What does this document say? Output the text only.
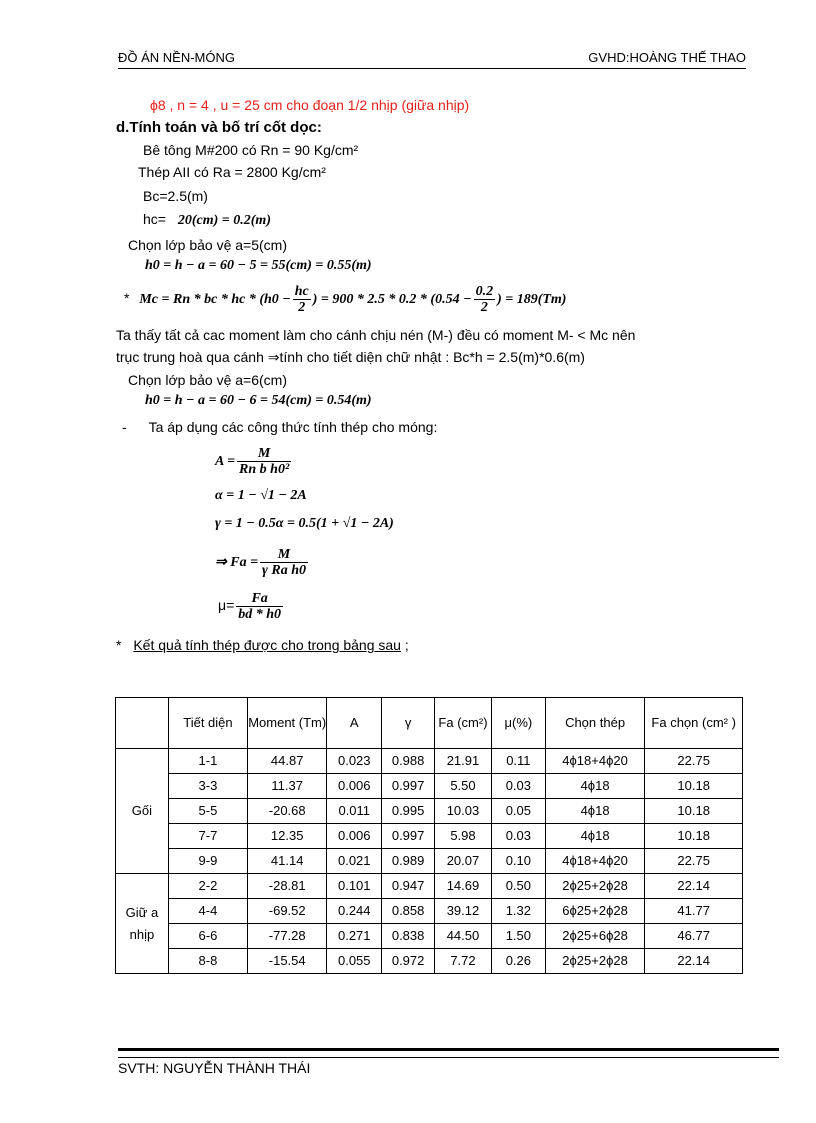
ĐỒ ÁN NỀN-MÓNG	GVHD:HOÀNG THẾ THAO
ϕ8 , n = 4 , u = 25 cm cho đoạn 1/2 nhịp (giữa nhịp)
d.Tính toán và bố trí cốt dọc:
Bê tông M#200 có Rn = 90 Kg/cm²
Thép AII có Ra = 2800 Kg/cm²
Bc=2.5(m)
hc= 20(cm) = 0.2(m)
Chọn lớp bảo vệ a=5(cm)
h0 = h − a = 60 − 5 = 55(cm) = 0.55(m)
* Mc = Rn * bc * hc * ($h0 - \frac{hc}{2}$ ) = $900 * 2.5 * 0.2 * (0.54 - \frac{0.2}{2}$ ) = 189(Tm)
Ta thấy tất cả cac moment làm cho cánh chịu nén (M-) đều có moment M- < Mc nên
trục trung hoà qua cánh ⇒tính cho tiết diện chữ nhật : Bc*h = 2.5(m)*0.6(m)
Chọn lớp bảo vệ a=6(cm)
h0 = h − a = 60 − 6 = 54(cm) = 0.54(m)
- Ta áp dụng các công thức tính thép cho móng:
$A = \frac{M}{\text{Rn b h0²}}$
α = 1 − √1 − 2A
γ = 1 − 0.5α = 0.5(1 + √1 − 2A)
⇒ $Fa = \frac{M}{\text{γ Ra h0}}$
$\mu= \frac{Fa}{bd * h0}$
* Kết quả tính thép được cho trong bảng sau ;
	Tiết diện	Moment (Tm)	A	γ	Fa (cm²)	μ(%)	Chọn thép	Fa chọn (cm² )
Gối	1-1	44.87	0.023	0.988	21.91	0.11	4ϕ18+4ϕ20	22.75
	3-3	11.37	0.006	0.997	5.50	0.03	4ϕ18	10.18
	5-5	-20.68	0.011	0.995	10.03	0.05	4ϕ18	10.18
	7-7	12.35	0.006	0.997	5.98	0.03	4ϕ18	10.18
	9-9	41.14	0.021	0.989	20.07	0.10	4ϕ18+4ϕ20	22.75
Giữ a nhịp	2-2	-28.81	0.101	0.947	14.69	0.50	2ϕ25+2ϕ28	22.14
	4-4	-69.52	0.244	0.858	39.12	1.32	6ϕ25+2ϕ28	41.77
	6-6	-77.28	0.271	0.838	44.50	1.50	2ϕ25+6ϕ28	46.77
	8-8	-15.54	0.055	0.972	7.72	0.26	2ϕ25+2ϕ28	22.14
SVTH: NGUYỄN THÀNH THÁI
